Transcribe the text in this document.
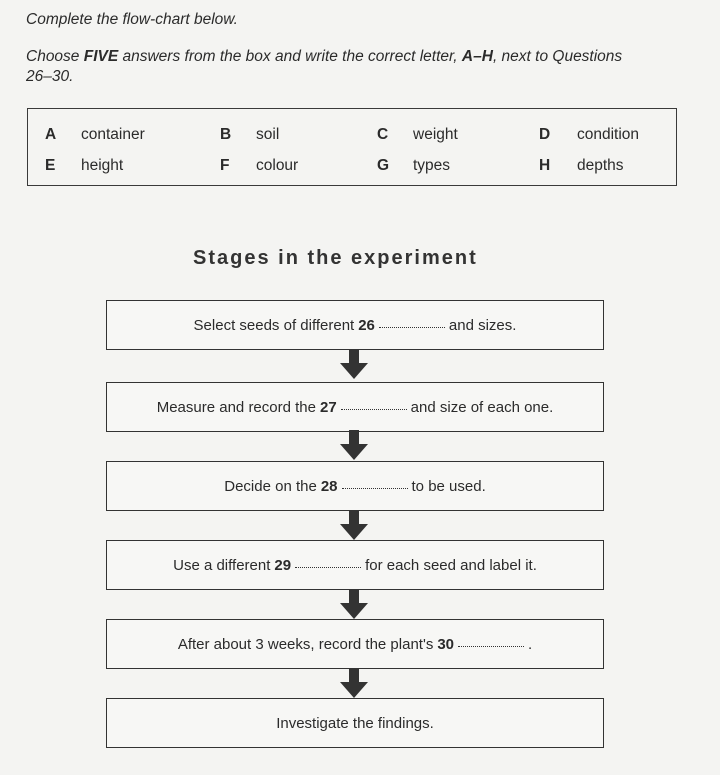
Complete the flow-chart below.
Choose FIVE answers from the box and write the correct letter, A–H, next to Questions 26–30.
A container	B soil	C weight	D condition
E height	F colour	G types	H depths
Stages in the experiment
Select seeds of different 26	and sizes.
Measure and record the 27	and size of each one.
Decide on the 28	to be used.
Use a different 29	for each seed and label it.
After about 3 weeks, record the plant's 30	.
Investigate the findings.
